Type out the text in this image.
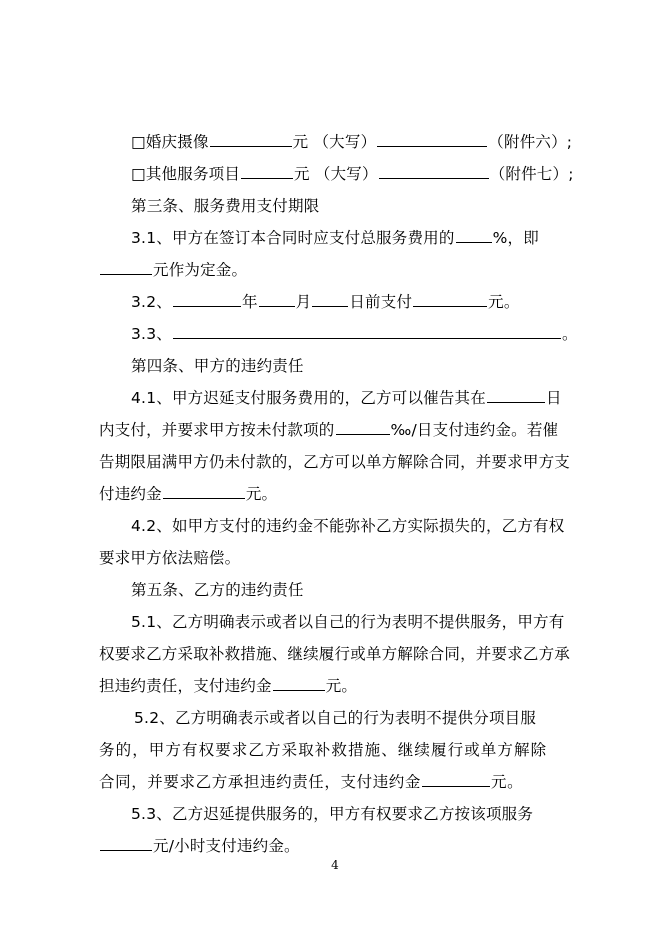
□婚庆摄像	元 （大写）	（附件六）;
□其他服务项目	元 （大写）	（附件七）;
第三条、服务费用支付期限
3.1、甲方在签订本合同时应支付总服务费用的 %，即
元作为定金。
3.2、	年 月 日前支付	元。
3.3、	。
第四条、甲方的违约责任
4.1、甲方迟延支付服务费用的，乙方可以催告其在	日
内支付，并要求甲方按未付款项的	‰/日支付违约金。若催
告期限届满甲方仍未付款的，乙方可以单方解除合同，并要求甲方支
付违约金	元。
4.2、如甲方支付的违约金不能弥补乙方实际损失的，乙方有权
要求甲方依法赔偿。
第五条、乙方的违约责任
5.1、乙方明确表示或者以自己的行为表明不提供服务，甲方有
权要求乙方采取补救措施、继续履行或单方解除合同，并要求乙方承
担违约责任，支付违约金	元。
5.2、乙方明确表示或者以自己的行为表明不提供分项目服
务的，甲方有权要求乙方采取补救措施、继续履行或单方解除
合同，并要求乙方承担违约责任，支付违约金	元。
5.3、乙方迟延提供服务的，甲方有权要求乙方按该项服务
元/小时支付违约金。
4
